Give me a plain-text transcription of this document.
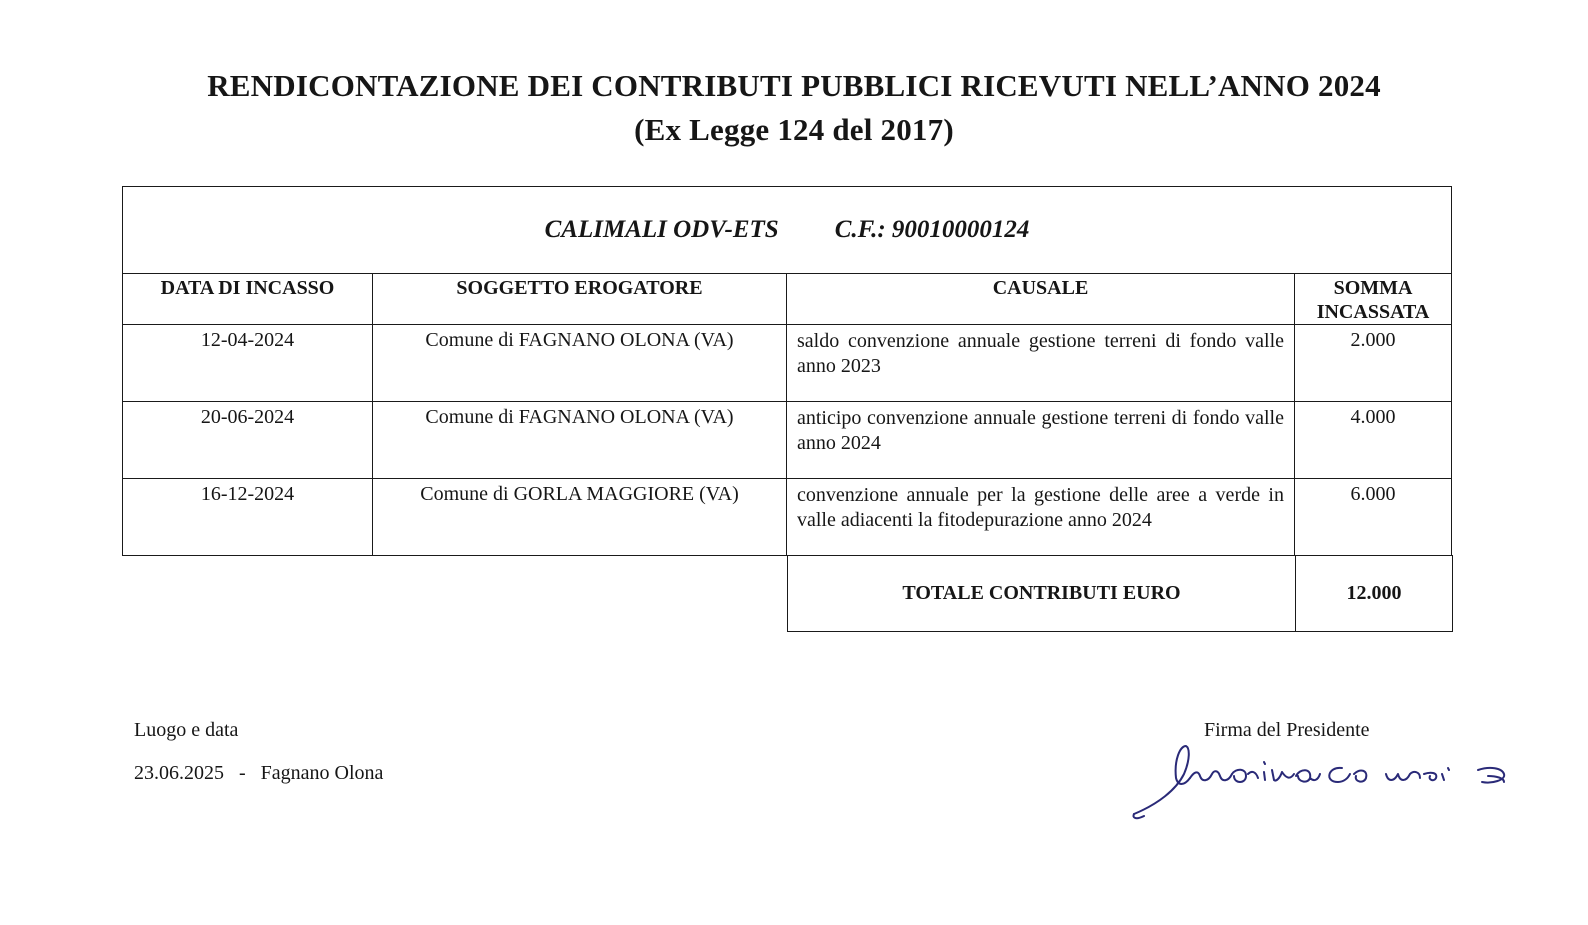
RENDICONTAZIONE DEI CONTRIBUTI PUBBLICI RICEVUTI NELL’ANNO 2024
(Ex Legge 124 del 2017)
CALIMALI ODV-ETS C.F.: 90010000124			

DATA DI INCASSO	SOGGETTO EROGATORE	CAUSALE	SOMMA INCASSATA

12-04-2024	Comune di FAGNANO OLONA (VA)	saldo convenzione annuale gestione terreni di fondo valle anno 2023	2.000

20-06-2024	Comune di FAGNANO OLONA (VA)	anticipo convenzione annuale gestione terreni di fondo valle anno 2024	4.000

16-12-2024	Comune di GORLA MAGGIORE (VA)	convenzione annuale per la gestione delle aree a verde in valle adiacenti la fitodepurazione anno 2024	6.000
TOTALE CONTRIBUTI EURO	12.000
Luogo e data
23.06.2025   -   Fagnano Olona
Firma del Presidente
